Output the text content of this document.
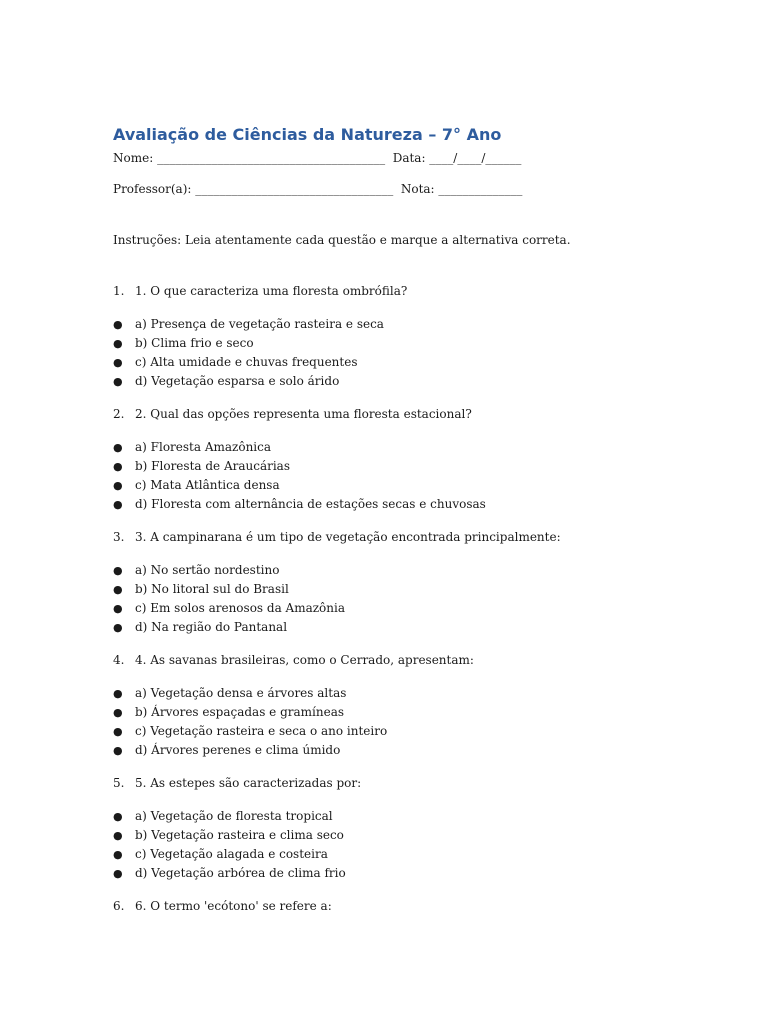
Avaliação de Ciências da Natureza – 7° Ano
Nome: ______________________________________  Data: ____/____/______
Professor(a): _________________________________  Nota: ______________
Instruções: Leia atentamente cada questão e marque a alternativa correta.
1. 1. O que caracteriza uma floresta ombrófila?
●	a) Presença de vegetação rasteira e seca
●	b) Clima frio e seco
●	c) Alta umidade e chuvas frequentes
●	d) Vegetação esparsa e solo árido
2. 2. Qual das opções representa uma floresta estacional?
●	a) Floresta Amazônica
●	b) Floresta de Araucárias
●	c) Mata Atlântica densa
●	d) Floresta com alternância de estações secas e chuvosas
3. 3. A campinarana é um tipo de vegetação encontrada principalmente:
●	a) No sertão nordestino
●	b) No litoral sul do Brasil
●	c) Em solos arenosos da Amazônia
●	d) Na região do Pantanal
4. 4. As savanas brasileiras, como o Cerrado, apresentam:
●	a) Vegetação densa e árvores altas
●	b) Árvores espaçadas e gramíneas
●	c) Vegetação rasteira e seca o ano inteiro
●	d) Árvores perenes e clima úmido
5. 5. As estepes são caracterizadas por:
●	a) Vegetação de floresta tropical
●	b) Vegetação rasteira e clima seco
●	c) Vegetação alagada e costeira
●	d) Vegetação arbórea de clima frio
6. 6. O termo 'ecótono' se refere a:
